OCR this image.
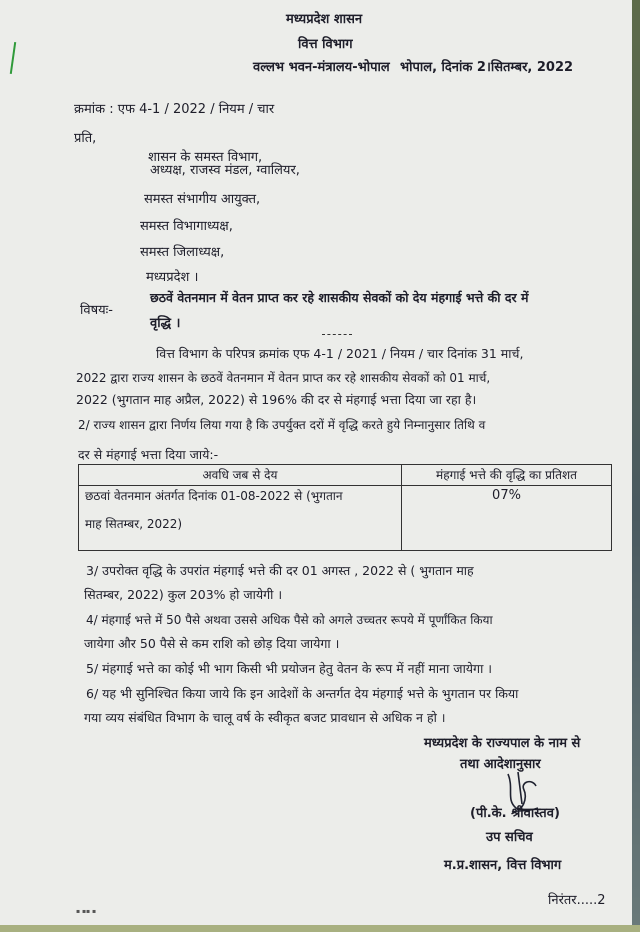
मध्यप्रदेश शासन
वित्त विभाग
वल्लभ भवन-मंत्रालय-भोपाल भोपाल, दिनांक 2।सितम्बर, 2022
क्रमांक : एफ 4-1 / 2022 / नियम / चार
प्रति,
शासन के समस्त विभाग,
अध्यक्ष, राजस्व मंडल, ग्वालियर,
समस्त संभागीय आयुक्त,
समस्त विभागाध्यक्ष,
समस्त जिलाध्यक्ष,
मध्यप्रदेश ।
विषयः-
छठवें वेतनमान में वेतन प्राप्त कर रहे शासकीय सेवकों को देय मंहगाई भत्ते की दर में
वृद्धि ।
वित्त विभाग के परिपत्र क्रमांक एफ 4-1 / 2021 / नियम / चार दिनांक 31 मार्च,
2022 द्वारा राज्य शासन के छठवें वेतनमान में वेतन प्राप्त कर रहे शासकीय सेवकों को 01 मार्च,
2022 (भुगतान माह अप्रैल, 2022) से 196% की दर से मंहगाई भत्ता दिया जा रहा है।
2/ राज्य शासन द्वारा निर्णय लिया गया है कि उपर्युक्त दरों में वृद्धि करते हुये निम्नानुसार तिथि व
दर से मंहगाई भत्ता दिया जाये:-
अवधि जब से देय	मंहगाई भत्ते की वृद्धि का प्रतिशत

छठवां वेतनमान अंतर्गत दिनांक 01-08-2022 से (भुगतान
माह सितम्बर, 2022)	07%
3/ उपरोक्त वृद्धि के उपरांत मंहगाई भत्ते की दर 01 अगस्त , 2022 से ( भुगतान माह
सितम्बर, 2022) कुल 203% हो जायेगी ।
4/ मंहगाई भत्ते में 50 पैसे अथवा उससे अधिक पैसे को अगले उच्चतर रूपये में पूर्णांकित किया
जायेगा और 50 पैसे से कम राशि को छोड़ दिया जायेगा ।
5/ मंहगाई भत्ते का कोई भी भाग किसी भी प्रयोजन हेतु वेतन के रूप में नहीं माना जायेगा ।
6/ यह भी सुनिश्चित किया जाये कि इन आदेशों के अन्तर्गत देय मंहगाई भत्ते के भुगतान पर किया
गया व्यय संबंधित विभाग के चालू वर्ष के स्वीकृत बजट प्रावधान से अधिक न हो ।
मध्यप्रदेश के राज्यपाल के नाम से
तथा आदेशानुसार
(पी.के. श्रीवास्तव)
उप सचिव
म.प्र.शासन, वित्त विभाग
निरंतर.....2
▪ ▪▪ ▪
